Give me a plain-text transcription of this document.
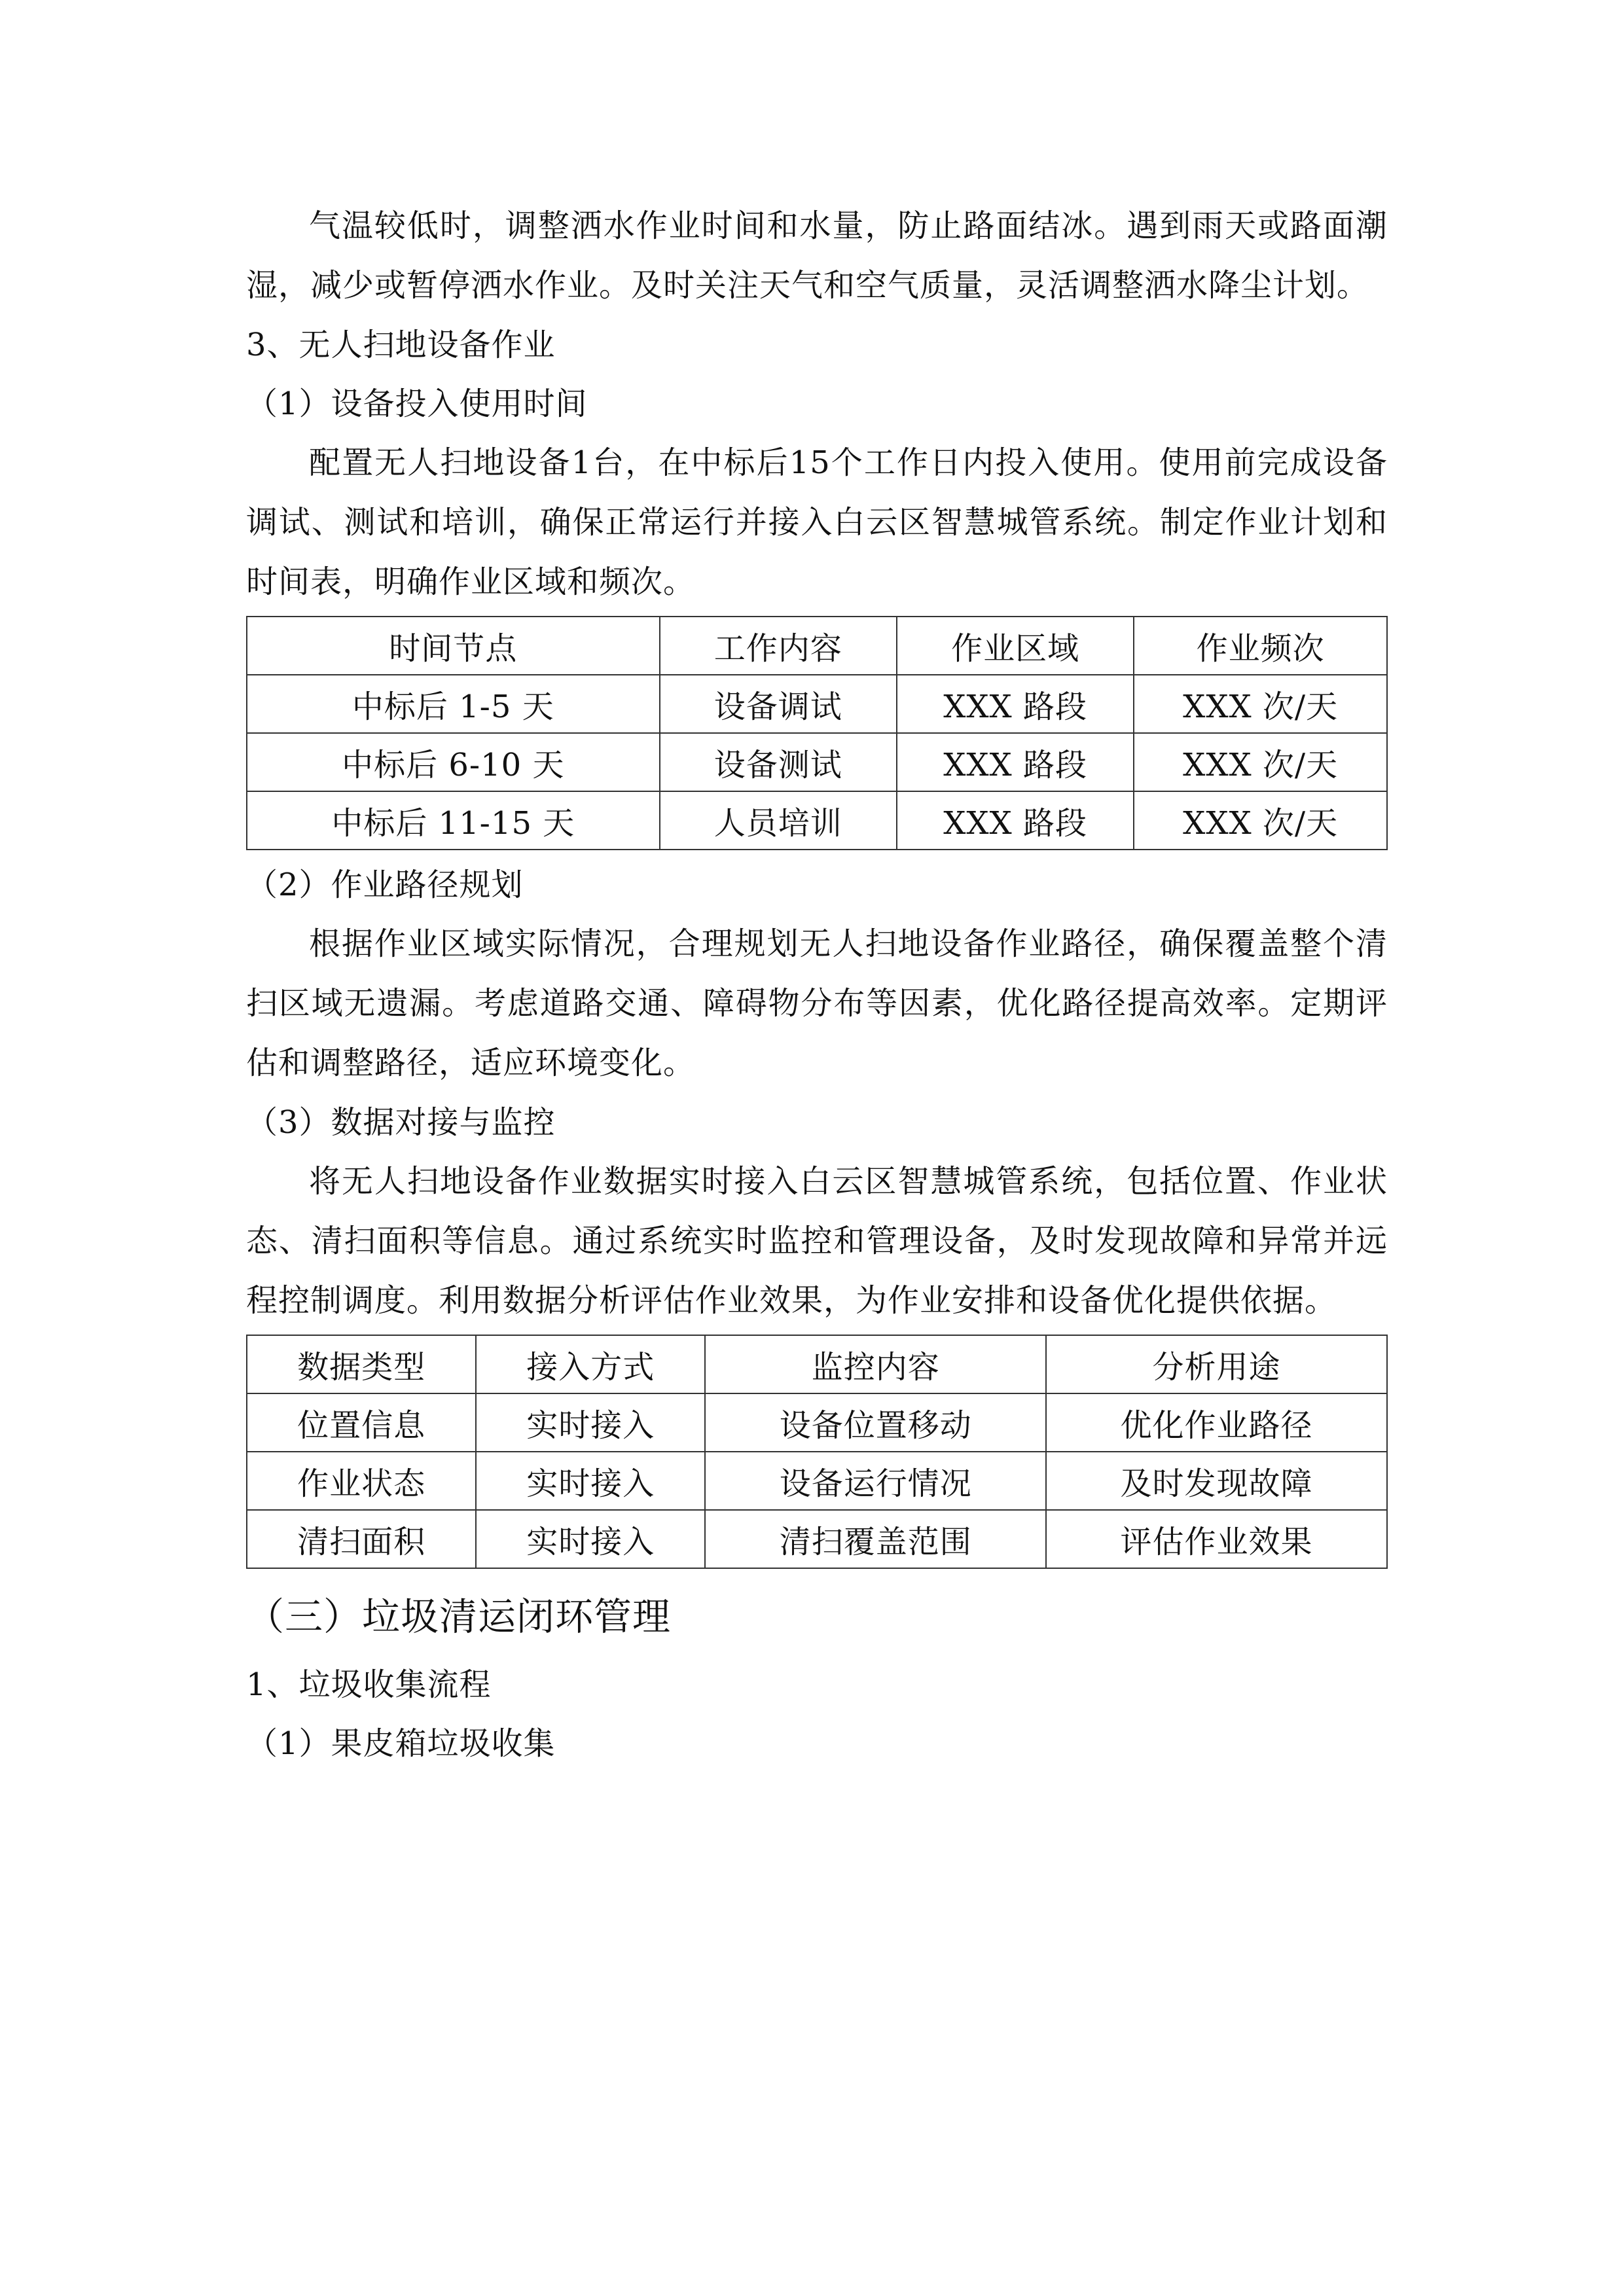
气温较低时，调整洒水作业时间和水量，防止路面结冰。遇到雨天或路面潮湿，减少或暂停洒水作业。及时关注天气和空气质量，灵活调整洒水降尘计划。

3、无人扫地设备作业

（1）设备投入使用时间

配置无人扫地设备1台，在中标后15个工作日内投入使用。使用前完成设备调试、测试和培训，确保正常运行并接入白云区智慧城管系统。制定作业计划和时间表，明确作业区域和频次。

时间节点	工作内容	作业区域	作业频次
中标后 1-5 天	设备调试	XXX 路段	XXX 次/天
中标后 6-10 天	设备测试	XXX 路段	XXX 次/天
中标后 11-15 天	人员培训	XXX 路段	XXX 次/天

（2）作业路径规划

根据作业区域实际情况，合理规划无人扫地设备作业路径，确保覆盖整个清扫区域无遗漏。考虑道路交通、障碍物分布等因素，优化路径提高效率。定期评估和调整路径，适应环境变化。

（3）数据对接与监控

将无人扫地设备作业数据实时接入白云区智慧城管系统，包括位置、作业状态、清扫面积等信息。通过系统实时监控和管理设备，及时发现故障和异常并远程控制调度。利用数据分析评估作业效果，为作业安排和设备优化提供依据。

数据类型	接入方式	监控内容	分析用途
位置信息	实时接入	设备位置移动	优化作业路径
作业状态	实时接入	设备运行情况	及时发现故障
清扫面积	实时接入	清扫覆盖范围	评估作业效果

（三）垃圾清运闭环管理

1、垃圾收集流程

（1）果皮箱垃圾收集
